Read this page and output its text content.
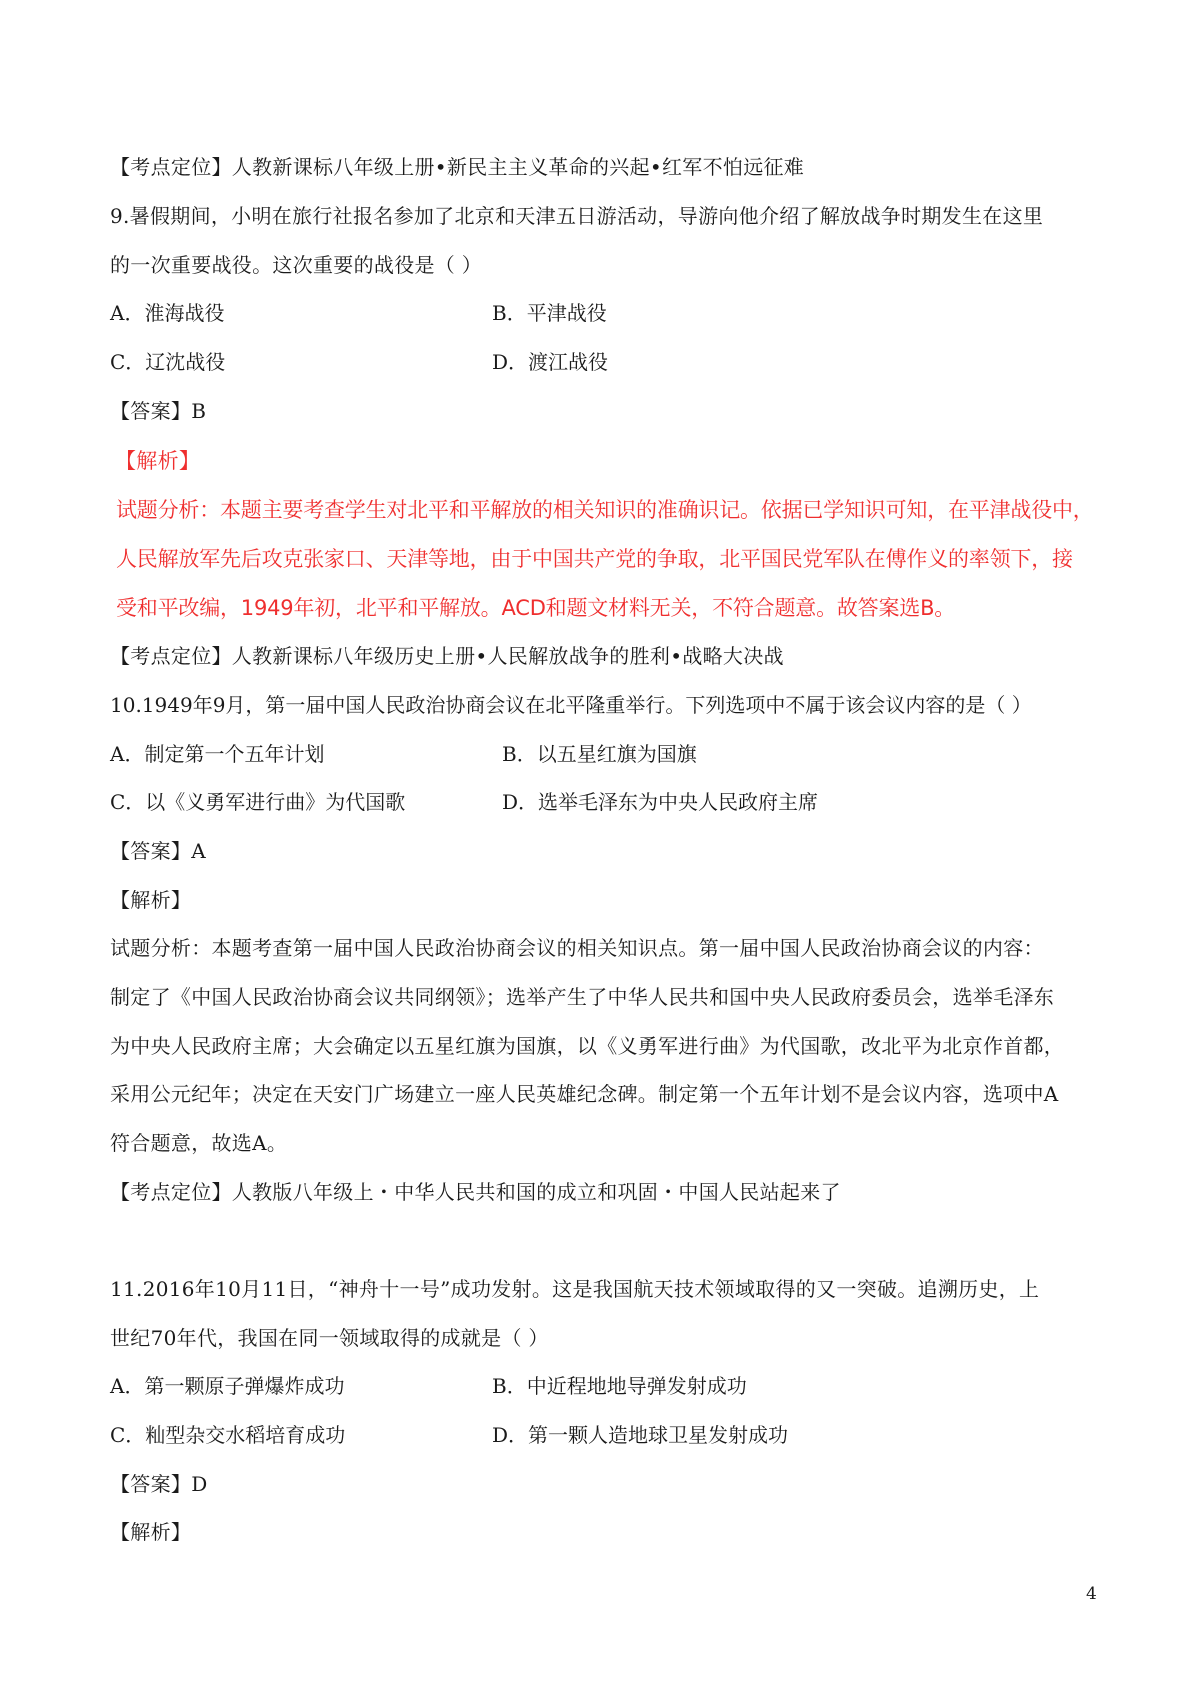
【考点定位】人教新课标八年级上册•新民主主义革命的兴起•红军不怕远征难
9.暑假期间，小明在旅行社报名参加了北京和天津五日游活动，导游向他介绍了解放战争时期发生在这里
的一次重要战役。这次重要的战役是（ ）
A．淮海战役	B．平津战役
C．辽沈战役	D．渡江战役
【答案】B
【解析】
试题分析：本题主要考查学生对北平和平解放的相关知识的准确识记。依据已学知识可知，在平津战役中，
人民解放军先后攻克张家口、天津等地，由于中国共产党的争取，北平国民党军队在傅作义的率领下，接
受和平改编，1949年初，北平和平解放。ACD和题文材料无关，不符合题意。故答案选B。
【考点定位】人教新课标八年级历史上册•人民解放战争的胜利•战略大决战
10.1949年9月，第一届中国人民政治协商会议在北平隆重举行。下列选项中不属于该会议内容的是（ ）
A．制定第一个五年计划	B．以五星红旗为国旗
C．以《义勇军进行曲》为代国歌	D．选举毛泽东为中央人民政府主席
【答案】A
【解析】
试题分析：本题考查第一届中国人民政治协商会议的相关知识点。第一届中国人民政治协商会议的内容：
制定了《中国人民政治协商会议共同纲领》；选举产生了中华人民共和国中央人民政府委员会，选举毛泽东
为中央人民政府主席；大会确定以五星红旗为国旗，以《义勇军进行曲》为代国歌，改北平为北京作首都，
采用公元纪年；决定在天安门广场建立一座人民英雄纪念碑。制定第一个五年计划不是会议内容，选项中A
符合题意，故选A。
【考点定位】人教版八年级上・中华人民共和国的成立和巩固・中国人民站起来了
11.2016年10月11日，“神舟十一号”成功发射。这是我国航天技术领域取得的又一突破。追溯历史，上
世纪70年代，我国在同一领域取得的成就是（ ）
A．第一颗原子弹爆炸成功	B．中近程地地导弹发射成功
C．籼型杂交水稻培育成功	D．第一颗人造地球卫星发射成功
【答案】D
【解析】
4
